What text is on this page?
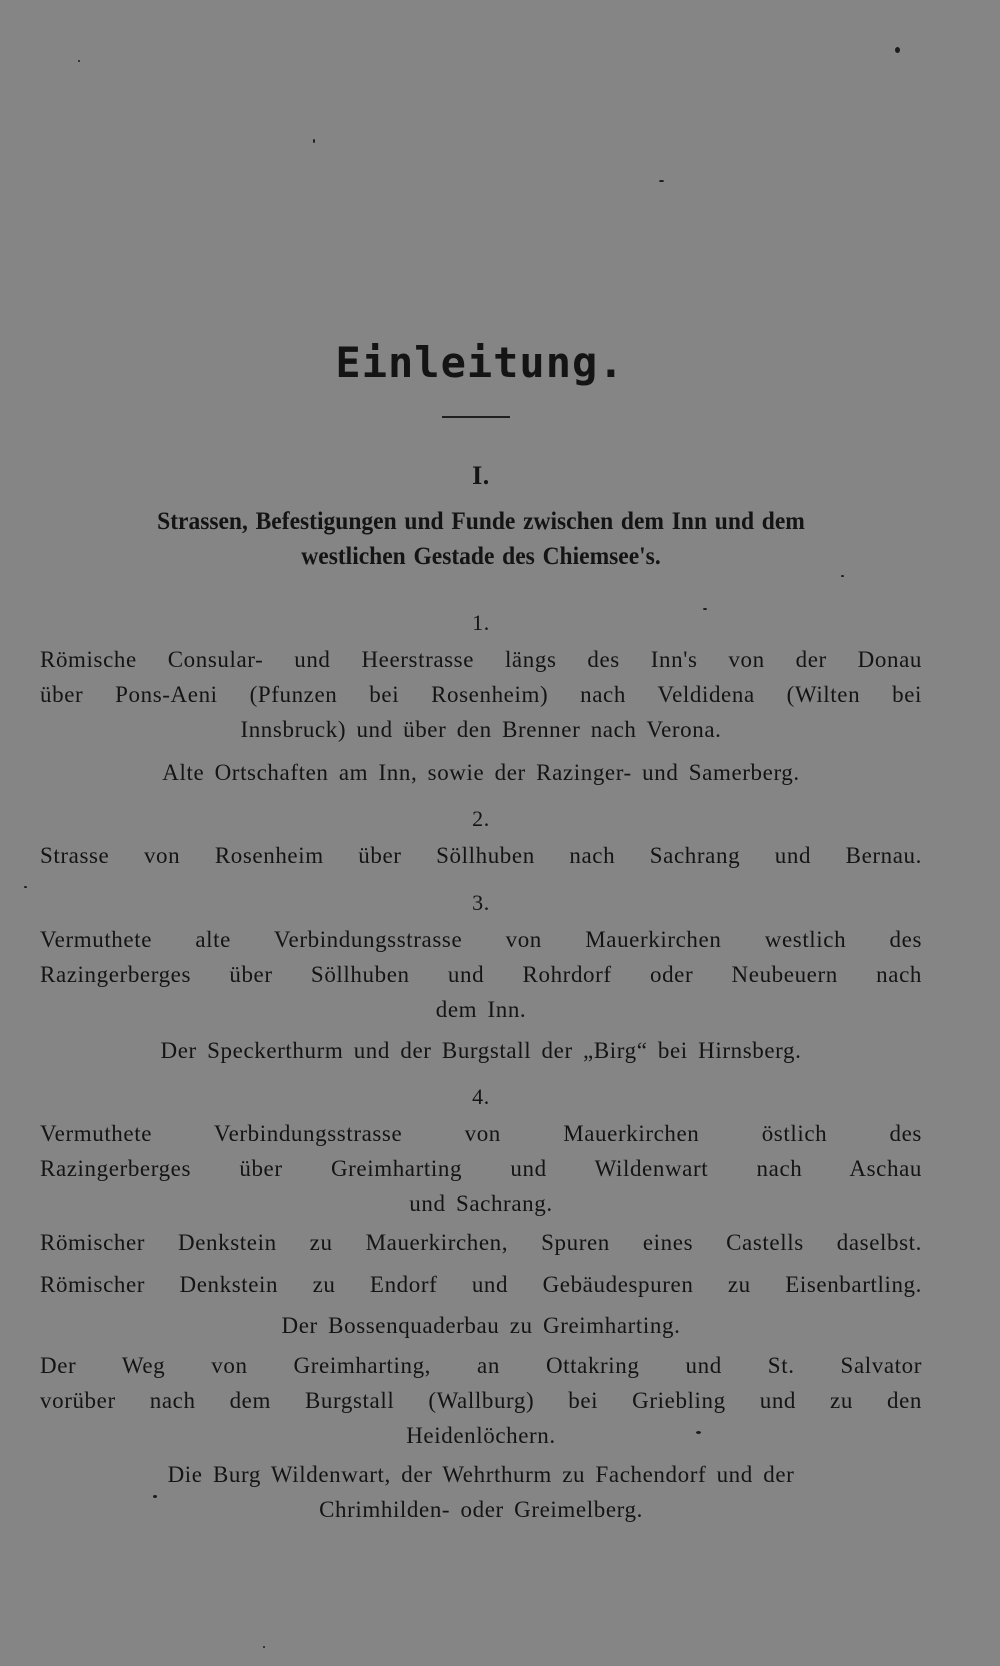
Einleitung.
I.
Strassen, Befestigungen und Funde zwischen dem Inn und dem
westlichen Gestade des Chiemsee's.
1.
Römische Consular- und Heerstrasse längs des Inn's von der Donau
über Pons-Aeni (Pfunzen bei Rosenheim) nach Veldidena (Wilten bei
Innsbruck) und über den Brenner nach Verona.
Alte Ortschaften am Inn, sowie der Razinger- und Samerberg.
2.
Strasse von Rosenheim über Söllhuben nach Sachrang und Bernau.
3.
Vermuthete alte Verbindungsstrasse von Mauerkirchen westlich des
Razingerberges über Söllhuben und Rohrdorf oder Neubeuern nach
dem Inn.
Der Speckerthurm und der Burgstall der „Birg“ bei Hirnsberg.
4.
Vermuthete Verbindungsstrasse von Mauerkirchen östlich des
Razingerberges über Greimharting und Wildenwart nach Aschau
und Sachrang.
Römischer Denkstein zu Mauerkirchen, Spuren eines Castells daselbst.
Römischer Denkstein zu Endorf und Gebäudespuren zu Eisenbartling.
Der Bossenquaderbau zu Greimharting.
Der Weg von Greimharting, an Ottakring und St. Salvator
vorüber nach dem Burgstall (Wallburg) bei Griebling und zu den
Heidenlöchern.
Die Burg Wildenwart, der Wehrthurm zu Fachendorf und der
Chrimhilden- oder Greimelberg.
